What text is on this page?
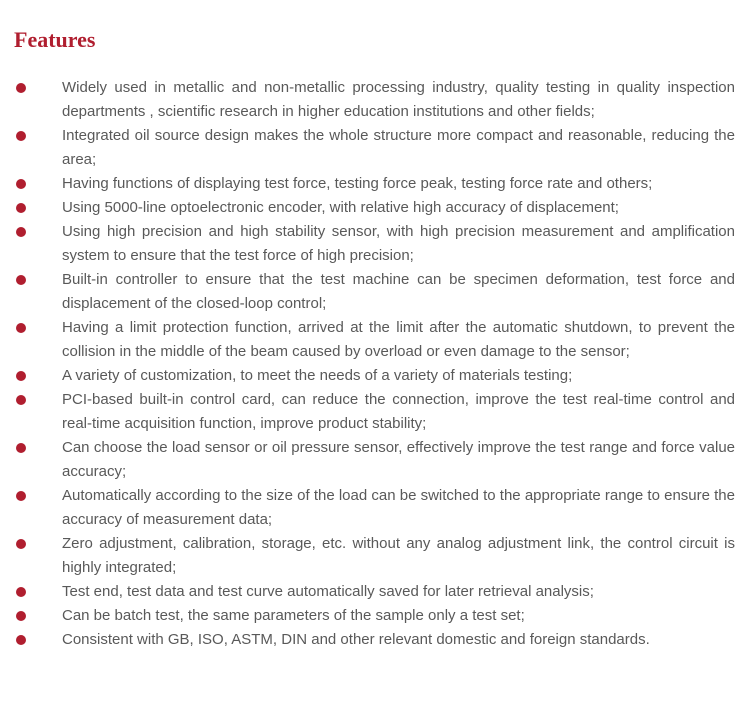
Features
Widely used in metallic and non-metallic processing industry, quality testing in quality inspection departments , scientific research in higher education institutions and other fields;
Integrated oil source design makes the whole structure more compact and reasonable, reducing the area;
Having functions of displaying test force, testing force peak, testing force rate and others;
Using 5000-line optoelectronic encoder, with relative high accuracy of displacement;
Using high precision and high stability sensor, with high precision measurement and amplification system to ensure that the test force of high precision;
Built-in controller to ensure that the test machine can be specimen deformation, test force and displacement of the closed-loop control;
Having a limit protection function, arrived at the limit after the automatic shutdown, to prevent the collision in the middle of the beam caused by overload or even damage to the sensor;
A variety of customization, to meet the needs of a variety of materials testing;
PCI-based built-in control card, can reduce the connection, improve the test real-time control and real-time acquisition function, improve product stability;
Can choose the load sensor or oil pressure sensor, effectively improve the test range and force value accuracy;
Automatically according to the size of the load can be switched to the appropriate range to ensure the accuracy of measurement data;
Zero adjustment, calibration, storage, etc. without any analog adjustment link, the control circuit is highly integrated;
Test end, test data and test curve automatically saved for later retrieval analysis;
Can be batch test, the same parameters of the sample only a test set;
Consistent with GB, ISO, ASTM, DIN and other relevant domestic and foreign standards.
